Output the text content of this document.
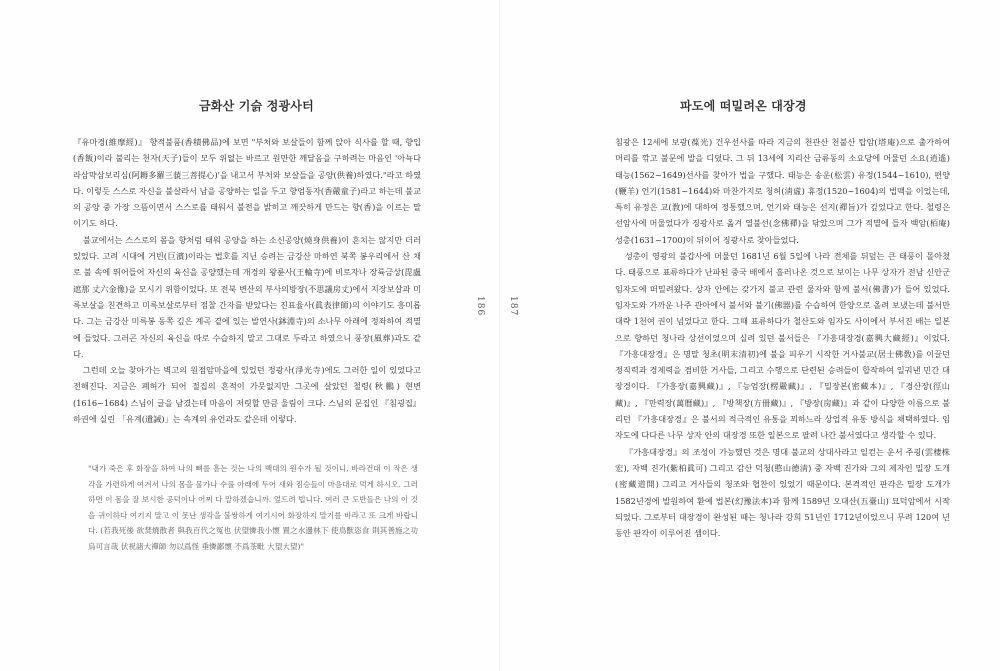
금화산 기슭 정광사터

『유마경(維摩經)』 향적불품(香積佛品)에 보면 "부처와 보살들이 함께 앉아 식사를 할 때, 향입(香飯)이라 불리는 천자(天子)들이 모두 위없는 바르고 원만한 깨달음을 구하려는 마음인 '아뇩다라삼먁삼보리심(阿耨多羅三藐三菩提心)'을 내고서 부처와 보살들을 공양(供養)하였다."라고 하였다. 이렇듯 스스로 자신을 불살라서 남을 공양하는 일을 두고 향엄동자(香嚴童子)라고 하는데 불교의 공양 중 가장 으뜸이면서 스스로를 태워서 불전을 밝히고 깨끗하게 만드는 향(香)을 이르는 말이기도 하다.

불교에서는 스스로의 몸을 향처럼 태워 공양을 하는 소신공양(燒身供養)이 흔치는 않지만 더러 있었다. 고려 시대에 거빈(巨濱)이라는 법호를 지닌 승려는 금강산 마하연 북쪽 봉우리에서 산 채로 불 속에 뛰어들어 자신의 육신을 공양했는데 개경의 왕륜사(王輪寺)에 비로자나 장륙금상(毘盧遮那 丈六金像)을 모시기 위함이었다. 또 전북 변산의 부사의방장(不思議房丈)에서 지장보살과 미륵보살을 친견하고 미륵보살로부터 점찰 간자를 받았다는 진표율사(眞表律師)의 이야기도 흥미롭다. 그는 금강산 미륵봉 동쪽 깊은 계곡 곁에 있는 발연사(鉢淵寺)의 소나무 아래에 정좌하여 적멸에 들었다. 그러곤 자신의 육신을 따로 수습하지 말고 그대로 두라고 하였으니 풍장(風葬)과도 같다.

그런데 오늘 찾아가는 벽고의 원점암마을에 있었던 정광사(淨光寺)에도 그러한 일이 있었다고 전해진다. 지금은 폐허가 되어 절집의 흔적이 가뭇없지만 그곳에 살았던 철령(秋鵬) 현변(1616~1684) 스님이 글을 남겼는데 마음이 저릿할 만큼 울림이 크다. 스님의 문집인 『침굉집』 하권에 실린 「유계(遺誡)」는 속계의 유언과도 같은데 이렇다.

"내가 죽은 후 화장을 하여 나의 뼈를 흩는 것는 나의 백대의 원수가 될 것이니, 바라건대 이 작은 생각을 가련하게 여겨서 나의 몸을 물가나 수풀 아래에 두어 새와 짐승들이 마음대로 먹게 하시오. 그러하면 이 몸을 잘 보시한 공덕이나 어찌 다 말하겠습니까. 엎드려 빕니다. 여러 큰 도반들은 나의 이 것을 귀이하다 여기지 말고 이 못난 생각을 불쌍하게 여기시어 화장하지 말기를 바라고 또 크게 바랍니다. (若我死後 欲焚燒散者 與我百代之冤也 伏望憐我小懷 置之水邊林下 使鳥獸恣食 則其善施之功 烏可言哉 伏祝諸大禪師 勿以爲怪 垂憐鄙懷 不爲茶毗 大望大望)"

186	187
파도에 떠밀려온 대장경

침광은 12세에 보광(葆光) 건우선사를 따라 지금의 천관산 천불산 탑암(塔庵)으로 출가하여 머리를 깎고 불문에 발을 디뎠다. 그 뒤 13세에 지리산 금류동의 소요당에 머물던 소요(逍遙) 태능(1562~1649)선사를 찾아가 법을 구했다. 태능은 송운(松雲) 유정(1544~1610), 편양(鞭羊) 언기(1581~1644)와 마찬가지로 청허(淸虛) 휴정(1520~1604)의 법맥을 이었는데, 특히 유정은 교(敎)에 대하여 정통했으며, 언기와 태능은 선지(禪旨)가 깊었다고 한다. 철령은 선암사에 머물었다가 징광사로 옮겨 열불선(念佛禪)을 닦았으며 그가 적멸에 들자 백암(栢庵) 성총(1631~1700)이 뒤이어 징광사로 찾아들었다.

성총이 영광의 불갑사에 머물던 1681년 6월 5일에 나라 전체를 뒤덮는 큰 태풍이 몰아쳤다. 태풍으로 표류하다가 난파된 중국 배에서 흘러나온 것으로 보이는 나무 상자가 전남 신안군 임자도에 떠밀려왔다. 상자 안에는 갖가지 불교 관련 물자와 함께 불서(佛書)가 들어 있었다. 임자도와 가까운 나주 관아에서 불서와 불기(佛器)를 수습하여 한양으로 올려 보냈는데 불서만 대략 1천여 권이 넘었다고 한다. 그때 표류하다가 철산도와 임자도 사이에서 부서진 배는 일본으로 향하던 청나라 상선이었으며 실려 있던 불서들은 『가흥대장경(嘉興大藏經)』이었다. 『가흥대장경』은 명말 청초(明末清初)에 불을 피우기 시작한 거사불교(居士佛敎)를 이끌던 정직력과 경제력을 겸비한 거사들, 그리고 수행으로 단련된 승려들이 합작하여 일궈낸 민간 대장경이다. 『가흥장(嘉興藏)』, 『능엄장(楞嚴藏)』, 『밀장본(密藏本)』, 『경산장(徑山藏)』, 『만력장(萬曆藏)』, 『방책장(方冊藏)』, 『방장(房藏)』과 같이 다양한 이름으로 불리던 『가흥대장경』은 불서의 적극적인 유통을 꾀하느라 상업적 유통 방식을 채택하였다. 임자도에 다다른 나무 상자 안의 대장경 또한 일본으로 팔려 나간 불서였다고 생각할 수 있다.

『가흥대장경』의 조성이 가능했던 것은 명대 불교의 상대사라고 일컫는 운서 주굉(雲棲株宏), 자백 진가(紫柏眞可) 그리고 감산 덕청(憨山德淸) 중 자백 진가와 그의 제자인 밀장 도개(密藏道開) 그리고 거사들의 청조와 협찬이 있었기 때문이다. 본격적인 판각은 밀장 도개가 1582년경에 발원하여 환예 법본(幻豫法本)과 함께 1589년 오대산(五臺山) 묘덕암에서 시작되었다. 그로부터 대장경이 완성된 때는 청나라 강희 51년인 1712년이었으니 무려 120여 년 동안 판각이 이루어진 셈이다.
